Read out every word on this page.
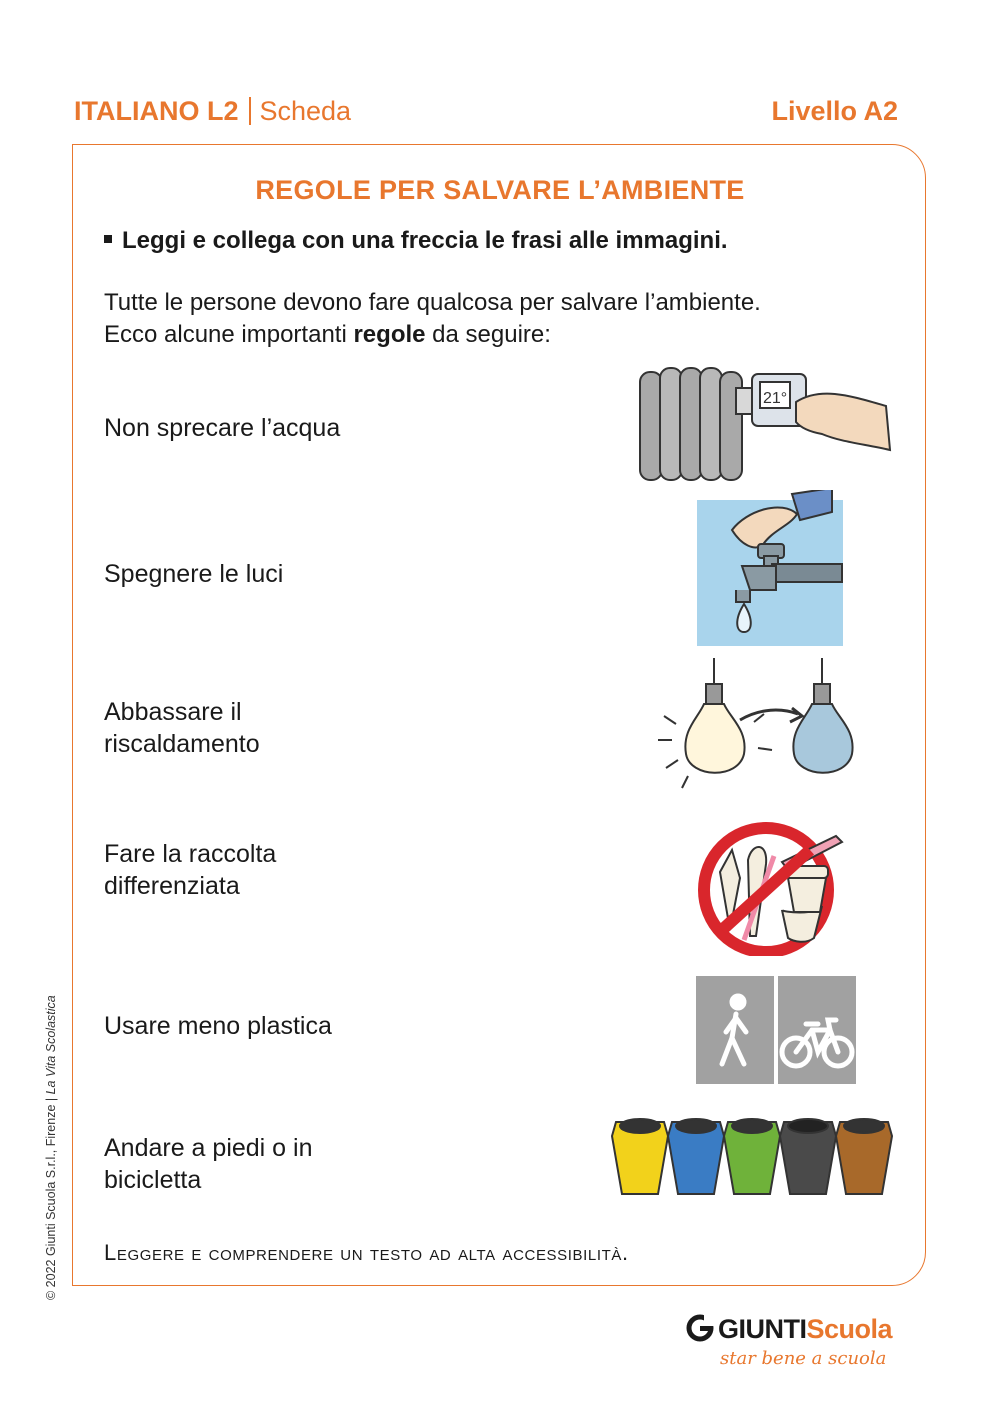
ITALIANO L2 Scheda	Livello A2
REGOLE PER SALVARE L’AMBIENTE
Leggi e collega con una freccia le frasi alle immagini.
Tutte le persone devono fare qualcosa per salvare l’ambiente.
Ecco alcune importanti regole da seguire:
Non sprecare l’acqua
Spegnere le luci
Abbassare il
riscaldamento
Fare la raccolta
differenziata
Usare meno plastica
Andare a piedi o in
bicicletta
21°
Leggere e comprendere un testo ad alta accessibilità.
© 2022 Giunti Scuola S.r.l., Firenze | La Vita Scolastica
GIUNTIScuola
star bene a scuola
